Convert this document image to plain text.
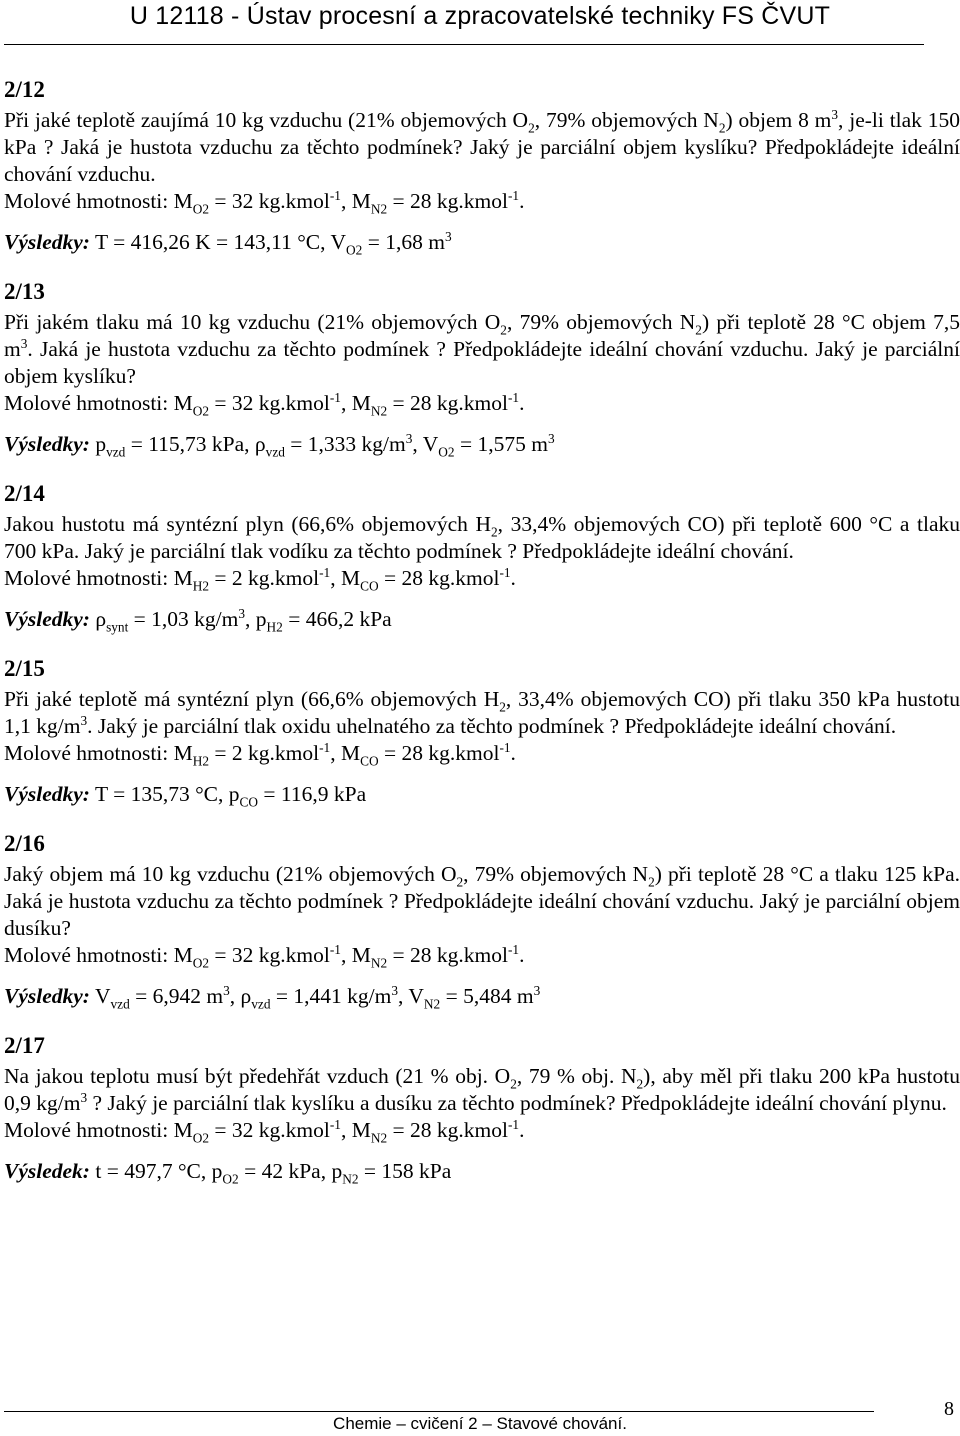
U 12118 - Ústav procesní a zpracovatelské techniky FS ČVUT
2/12

Při jaké teplotě zaujímá 10 kg vzduchu (21% objemových $O_2$, 79% objemových $N_2$) objem 8 $m^3$, je-li tlak 150 kPa ? Jaká je hustota vzduchu za těchto podmínek? Jaký je parciální objem kyslíku? Předpokládejte ideální chování vzduchu.

Molové hmotnosti: $M_{O2} = 32$ kg.kmol$^{-1}$, $M_{N2} = 28$ kg.kmol$^{-1}$.

Výsledky: T = 416,26 K = 143,11 °C, $V_{O2} = 1,68$ $m^3$

2/13

Při jakém tlaku má 10 kg vzduchu (21% objemových $O_2$, 79% objemových $N_2$) při teplotě 28 °C objem 7,5 $m^3$. Jaká je hustota vzduchu za těchto podmínek ? Předpokládejte ideální chování vzduchu. Jaký je parciální objem kyslíku?

Molové hmotnosti: $M_{O2} = 32$ kg.kmol$^{-1}$, $M_{N2} = 28$ kg.kmol$^{-1}$.

Výsledky: $p_{vzd} = 115,73$ kPa, $\rho_{vzd} = 1,333$ $kg/m^3$, $V_{O2} = 1,575$ $m^3$

2/14

Jakou hustotu má syntézní plyn (66,6% objemových $H_2$, 33,4% objemových CO) při teplotě 600 °C a tlaku 700 kPa. Jaký je parciální tlak vodíku za těchto podmínek ? Předpokládejte ideální chování.

Molové hmotnosti: $M_{H2} = 2$ kg.kmol$^{-1}$, $M_{CO} = 28$ kg.kmol$^{-1}$.

Výsledky: $\rho_{synt} = 1,03$ $kg/m^3$, $p_{H2} = 466,2$ kPa

2/15

Při jaké teplotě má syntézní plyn (66,6% objemových $H_2$, 33,4% objemových CO) při tlaku 350 kPa hustotu 1,1 $kg/m^3$. Jaký je parciální tlak oxidu uhelnatého za těchto podmínek ? Předpokládejte ideální chování.

Molové hmotnosti: $M_{H2} = 2$ kg.kmol$^{-1}$, $M_{CO} = 28$ kg.kmol$^{-1}$.

Výsledky: T = 135,73 °C, $p_{CO} = 116,9$ kPa

2/16

Jaký objem má 10 kg vzduchu (21% objemových $O_2$, 79% objemových $N_2$) při teplotě 28 °C a tlaku 125 kPa. Jaká je hustota vzduchu za těchto podmínek ? Předpokládejte ideální chování vzduchu. Jaký je parciální objem dusíku?

Molové hmotnosti: $M_{O2} = 32$ kg.kmol$^{-1}$, $M_{N2} = 28$ kg.kmol$^{-1}$.

Výsledky: $V_{vzd} = 6,942$ $m^3$, $\rho_{vzd} = 1,441$ $kg/m^3$, $V_{N2} = 5,484$ $m^3$

2/17

Na jakou teplotu musí být předehřát vzduch (21 % obj. $O_2$, 79 % obj. $N_2$), aby měl při tlaku 200 kPa hustotu 0,9 $kg/m^3$ ? Jaký je parciální tlak kyslíku a dusíku za těchto podmínek? Předpokládejte ideální chování plynu.

Molové hmotnosti: $M_{O2} = 32$ kg.kmol$^{-1}$, $M_{N2} = 28$ kg.kmol$^{-1}$.

Výsledek: t = 497,7 °C, $p_{O2} = 42$ kPa, $p_{N2} = 158$ kPa

Chemie – cvičení 2 – Stavové chování.
8
